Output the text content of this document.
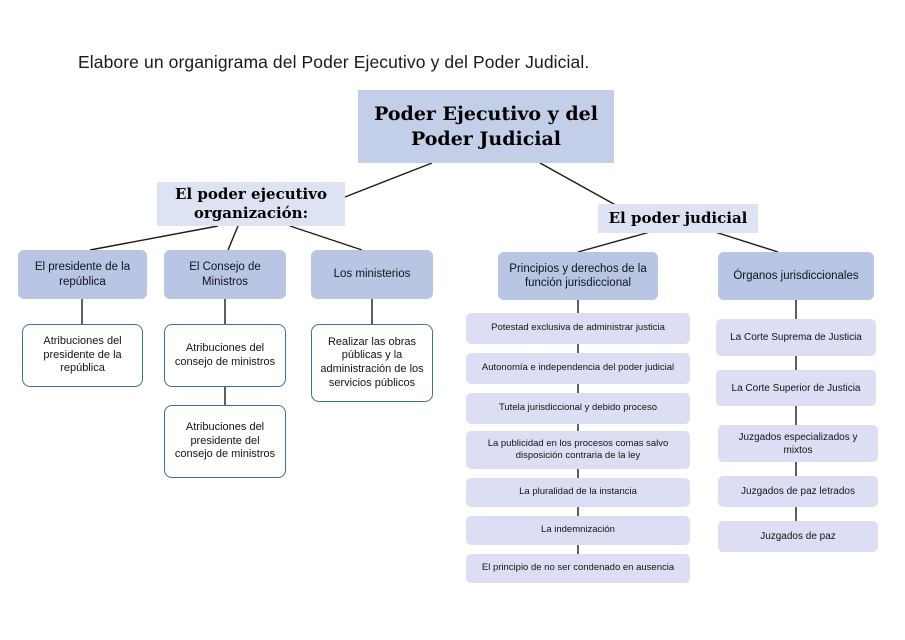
Elabore un organigrama del Poder Ejecutivo y del Poder Judicial.
Poder Ejecutivo y del Poder Judicial
El poder ejecutivo organización:	El poder judicial
El presidente de la república
El Consejo de Ministros
Los ministerios
Atribuciones del presidente de la república
Atribuciones del consejo de ministros
Atribuciones del presidente del consejo de ministros
Realizar las obras públicas y la administración de los servicios públicos
Principios y derechos de la función jurisdiccional
Órganos jurisdiccionales
Potestad exclusiva de administrar justicia
Autonomía e independencia del poder judicial
Tutela jurisdiccional y debido proceso
La publicidad en los procesos comas salvo disposición contraria de la ley
La pluralidad de la instancia
La indemnización
El principio de no ser condenado en ausencia
La Corte Suprema de Justicia
La Corte Superior de Justicia
Juzgados especializados y mixtos
Juzgados de paz letrados
Juzgados de paz
